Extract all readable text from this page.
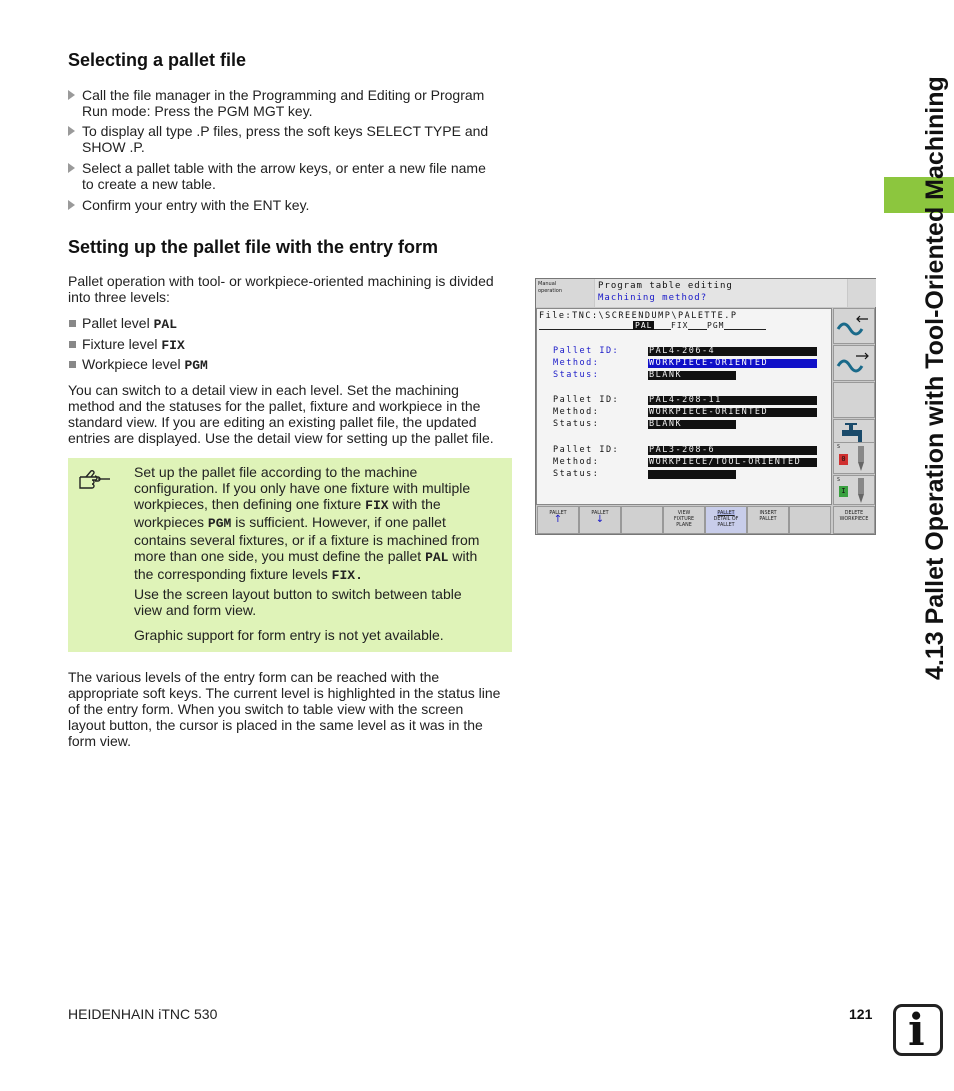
Selecting a pallet file
Call the file manager in the Programming and Editing or Program
Run mode: Press the PGM MGT key.
To display all type .P files, press the soft keys SELECT TYPE and
SHOW .P.
Select a pallet table with the arrow keys, or enter a new file name
to create a new table.
Confirm your entry with the ENT key.
Setting up the pallet file with the entry form

Pallet operation with tool- or workpiece-oriented machining is divided
into three levels:

Pallet level PAL
Fixture level FIX
Workpiece level PGM

You can switch to a detail view in each level. Set the machining
method and the statuses for the pallet, fixture and workpiece in the
standard view. If you are editing an existing pallet file, the updated
entries are displayed. Use the detail view for setting up the pallet file.

Set up the pallet file according to the machine
configuration. If you only have one fixture with multiple
workpieces, then defining one fixture FIX with the
workpieces PGM is sufficient. However, if one pallet
contains several fixtures, or if a fixture is machined from
more than one side, you must define the pallet PAL with
the corresponding fixture levels FIX.

Use the screen layout button to switch between table
view and form view.

Graphic support for form entry is not yet available.

The various levels of the entry form can be reached with the
appropriate soft keys. The current level is highlighted in the status line
of the entry form. When you switch to table view with the screen
layout button, the cursor is placed in the same level as it was in the
form view.

Manual
operation	Program table editing
Machining method?
File:TNC:\SCREENDUMP\PALETTE.P
PAL FIX PGM
Pallet ID:
Method:
Status:
PAL4-206-4
WORKPIECE-ORIENTED
BLANK
Pallet ID:
Method:
Status:
PAL4-208-11
WORKPIECE-ORIENTED
BLANK
Pallet ID:
Method:
Status:
PAL3-208-6
WORKPIECE/TOOL-ORIENTED
S
0
S
I
PALLET
↑
PALLET
↓
VIEW
FIXTURE
PLANE
PALLET
DETAIL OF
PALLET
INSERT
PALLET
DELETE
WORKPIECE 4.13 Pallet Operation with Tool-Oriented Machining
HEIDENHAIN iTNC 530	121 i
